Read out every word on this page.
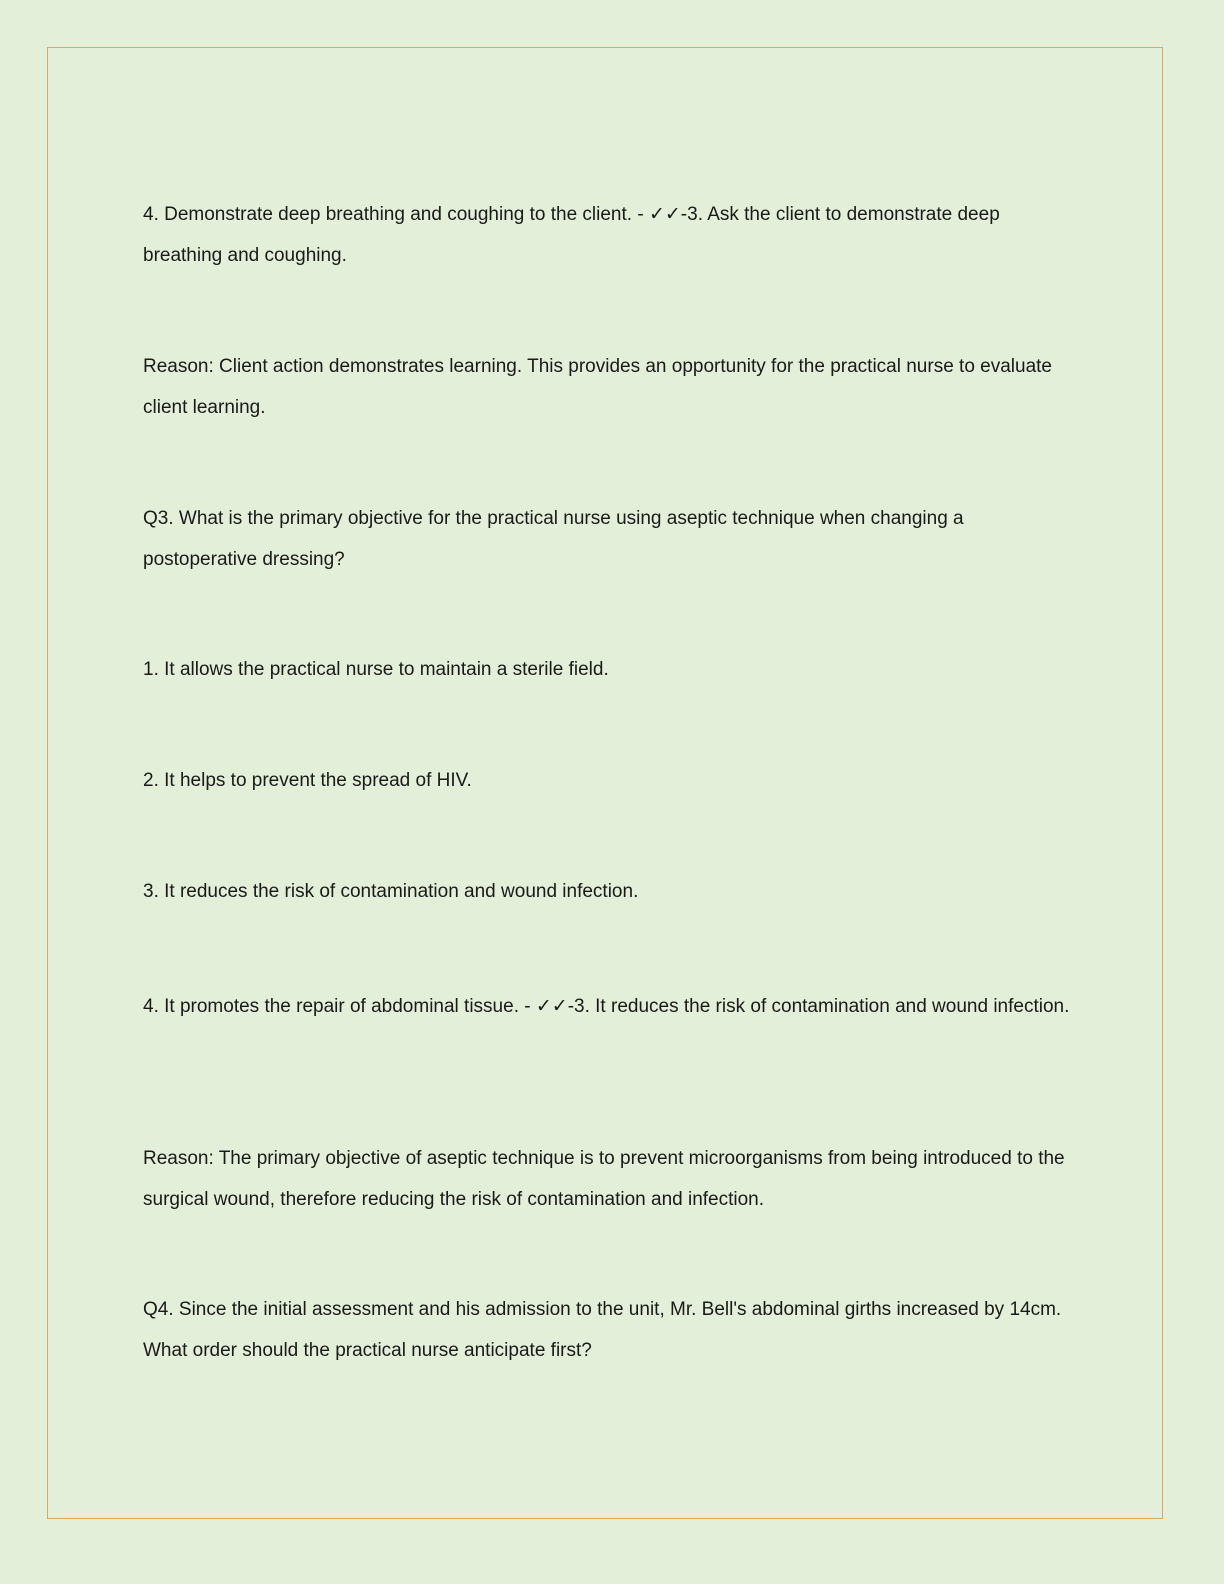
4. Demonstrate deep breathing and coughing to the client. - ✓✓-3. Ask the client to demonstrate deep breathing and coughing.

Reason: Client action demonstrates learning. This provides an opportunity for the practical nurse to evaluate client learning.

Q3. What is the primary objective for the practical nurse using aseptic technique when changing a postoperative dressing?

1. It allows the practical nurse to maintain a sterile field.

2. It helps to prevent the spread of HIV.

3. It reduces the risk of contamination and wound infection.

4. It promotes the repair of abdominal tissue. - ✓✓-3. It reduces the risk of contamination and wound infection.

Reason: The primary objective of aseptic technique is to prevent microorganisms from being introduced to the surgical wound, therefore reducing the risk of contamination and infection.

Q4. Since the initial assessment and his admission to the unit, Mr. Bell's abdominal girths increased by 14cm. What order should the practical nurse anticipate first?
